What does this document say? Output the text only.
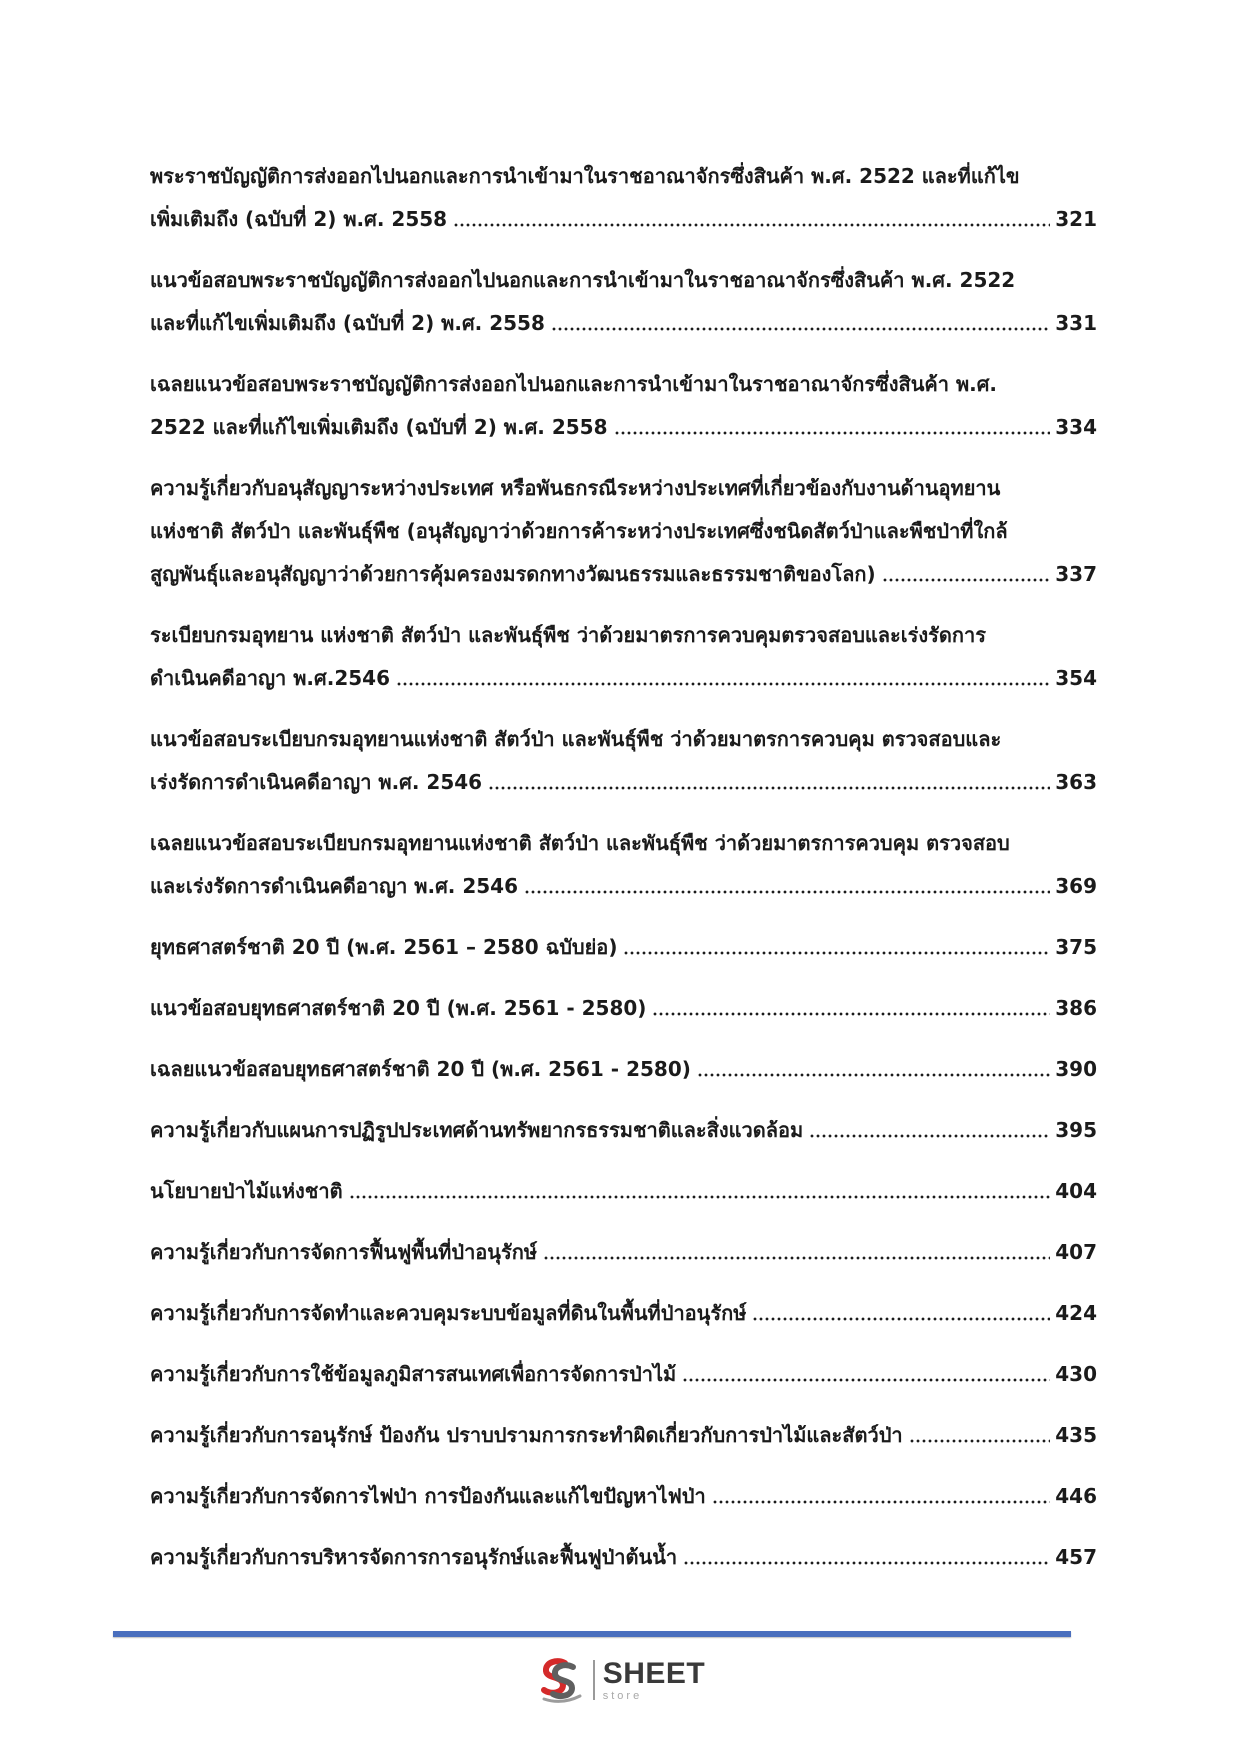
พระราชบัญญัติการส่งออกไปนอกและการนำเข้ามาในราชอาณาจักรซึ่งสินค้า พ.ศ. 2522 และที่แก้ไข
เพิ่มเติมถึง (ฉบับที่ 2) พ.ศ. 2558	321
แนวข้อสอบพระราชบัญญัติการส่งออกไปนอกและการนำเข้ามาในราชอาณาจักรซึ่งสินค้า พ.ศ. 2522
และที่แก้ไขเพิ่มเติมถึง (ฉบับที่ 2) พ.ศ. 2558	331
เฉลยแนวข้อสอบพระราชบัญญัติการส่งออกไปนอกและการนำเข้ามาในราชอาณาจักรซึ่งสินค้า พ.ศ.
2522 และที่แก้ไขเพิ่มเติมถึง (ฉบับที่ 2) พ.ศ. 2558	334
ความรู้เกี่ยวกับอนุสัญญาระหว่างประเทศ หรือพันธกรณีระหว่างประเทศที่เกี่ยวข้องกับงานด้านอุทยาน
แห่งชาติ สัตว์ป่า และพันธุ์พืช (อนุสัญญาว่าด้วยการค้าระหว่างประเทศซึ่งชนิดสัตว์ป่าและพืชป่าที่ใกล้
สูญพันธุ์และอนุสัญญาว่าด้วยการคุ้มครองมรดกทางวัฒนธรรมและธรรมชาติของโลก)	337
ระเบียบกรมอุทยาน แห่งชาติ สัตว์ป่า และพันธุ์พืช ว่าด้วยมาตรการควบคุมตรวจสอบและเร่งรัดการ
ดำเนินคดีอาญา พ.ศ.2546	354
แนวข้อสอบระเบียบกรมอุทยานแห่งชาติ สัตว์ป่า และพันธุ์พืช ว่าด้วยมาตรการควบคุม ตรวจสอบและ
เร่งรัดการดำเนินคดีอาญา พ.ศ. 2546	363
เฉลยแนวข้อสอบระเบียบกรมอุทยานแห่งชาติ สัตว์ป่า และพันธุ์พืช ว่าด้วยมาตรการควบคุม ตรวจสอบ
และเร่งรัดการดำเนินคดีอาญา พ.ศ. 2546	369
ยุทธศาสตร์ชาติ 20 ปี (พ.ศ. 2561 – 2580 ฉบับย่อ)	375
แนวข้อสอบยุทธศาสตร์ชาติ 20 ปี (พ.ศ. 2561 - 2580)	386
เฉลยแนวข้อสอบยุทธศาสตร์ชาติ 20 ปี (พ.ศ. 2561 - 2580)	390
ความรู้เกี่ยวกับแผนการปฏิรูปประเทศด้านทรัพยากรธรรมชาติและสิ่งแวดล้อม	395
นโยบายป่าไม้แห่งชาติ	404
ความรู้เกี่ยวกับการจัดการฟื้นฟูพื้นที่ป่าอนุรักษ์	407
ความรู้เกี่ยวกับการจัดทำและควบคุมระบบข้อมูลที่ดินในพื้นที่ป่าอนุรักษ์	424
ความรู้เกี่ยวกับการใช้ข้อมูลภูมิสารสนเทศเพื่อการจัดการป่าไม้	430
ความรู้เกี่ยวกับการอนุรักษ์ ป้องกัน ปราบปรามการกระทำผิดเกี่ยวกับการป่าไม้และสัตว์ป่า	435
ความรู้เกี่ยวกับการจัดการไฟป่า การป้องกันและแก้ไขปัญหาไฟป่า	446
ความรู้เกี่ยวกับการบริหารจัดการการอนุรักษ์และฟื้นฟูป่าต้นน้ำ	457
SHEET
store
